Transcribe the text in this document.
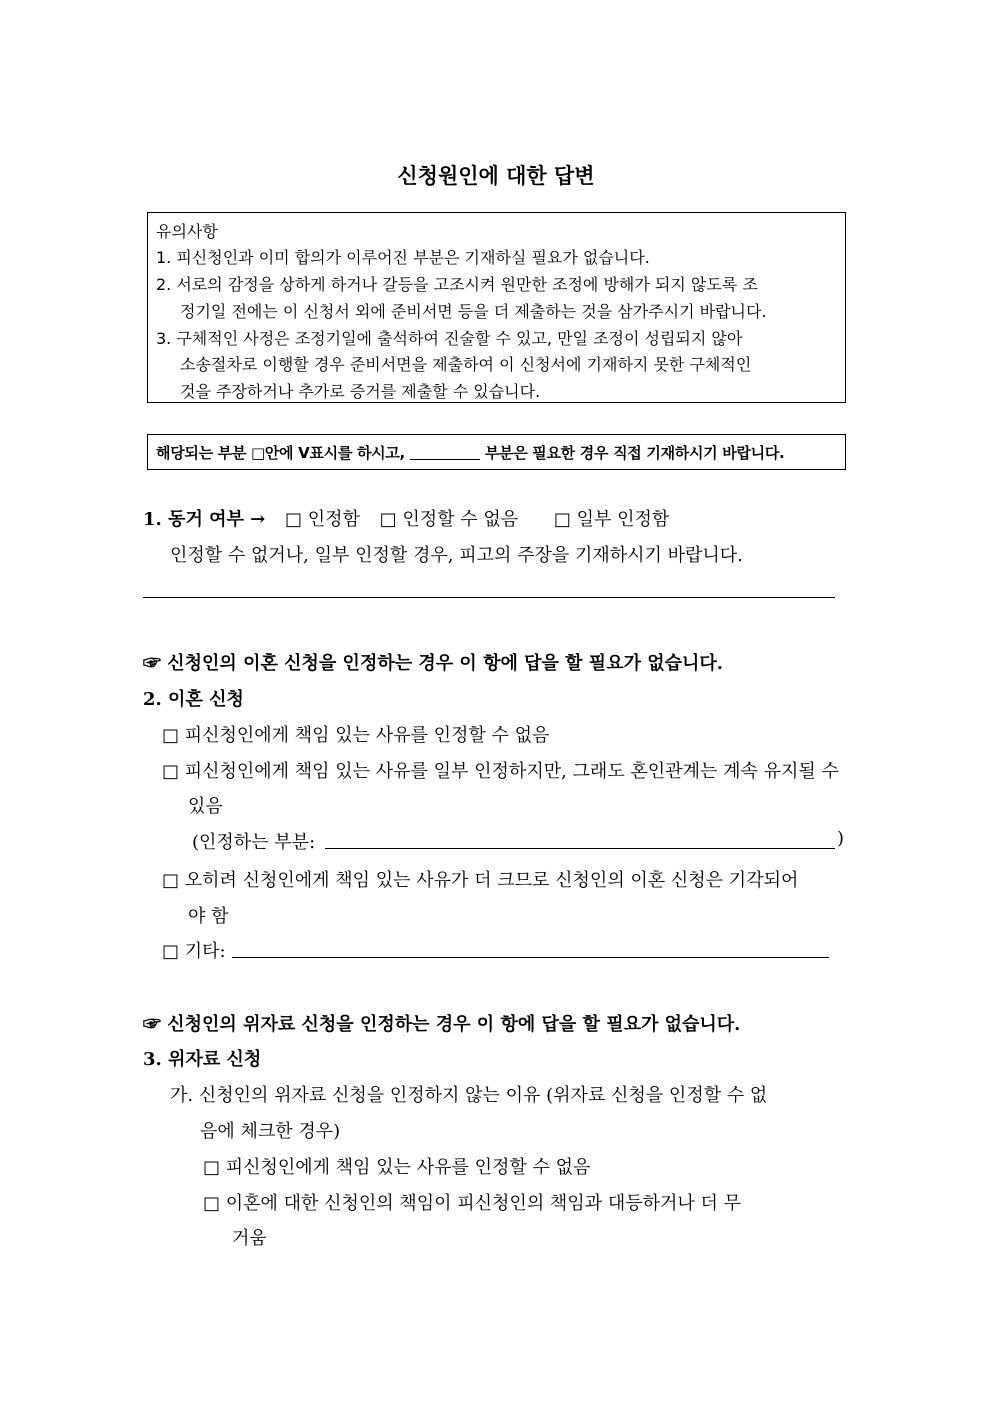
신청원인에 대한 답변
유의사항
1. 피신청인과 이미 합의가 이루어진 부분은 기재하실 필요가 없습니다.
2. 서로의 감정을 상하게 하거나 갈등을 고조시켜 원만한 조정에 방해가 되지 않도록 조
정기일 전에는 이 신청서 외에 준비서면 등을 더 제출하는 것을 삼가주시기 바랍니다.
3. 구체적인 사정은 조정기일에 출석하여 진술할 수 있고, 만일 조정이 성립되지 않아
소송절차로 이행할 경우 준비서면을 제출하여 이 신청서에 기재하지 못한 구체적인
것을 주장하거나 추가로 증거를 제출할 수 있습니다.
해당되는 부분 □안에 V표시를 하시고,	부분은 필요한 경우 직접 기재하시기 바랍니다.
1. 동거 여부 → □ 인정함 □ 인정할 수 없음 □ 일부 인정함
인정할 수 없거나, 일부 인정할 경우, 피고의 주장을 기재하시기 바랍니다.
☞ 신청인의 이혼 신청을 인정하는 경우 이 항에 답을 할 필요가 없습니다.
2. 이혼 신청
□ 피신청인에게 책임 있는 사유를 인정할 수 없음
□ 피신청인에게 책임 있는 사유를 일부 인정하지만, 그래도 혼인관계는 계속 유지될 수
있음
(인정하는 부분:	)
□ 오히려 신청인에게 책임 있는 사유가 더 크므로 신청인의 이혼 신청은 기각되어
야 함
□ 기타:
☞ 신청인의 위자료 신청을 인정하는 경우 이 항에 답을 할 필요가 없습니다.
3. 위자료 신청
가. 신청인의 위자료 신청을 인정하지 않는 이유 (위자료 신청을 인정할 수 없
음에 체크한 경우)
□ 피신청인에게 책임 있는 사유를 인정할 수 없음
□ 이혼에 대한 신청인의 책임이 피신청인의 책임과 대등하거나 더 무
거움
